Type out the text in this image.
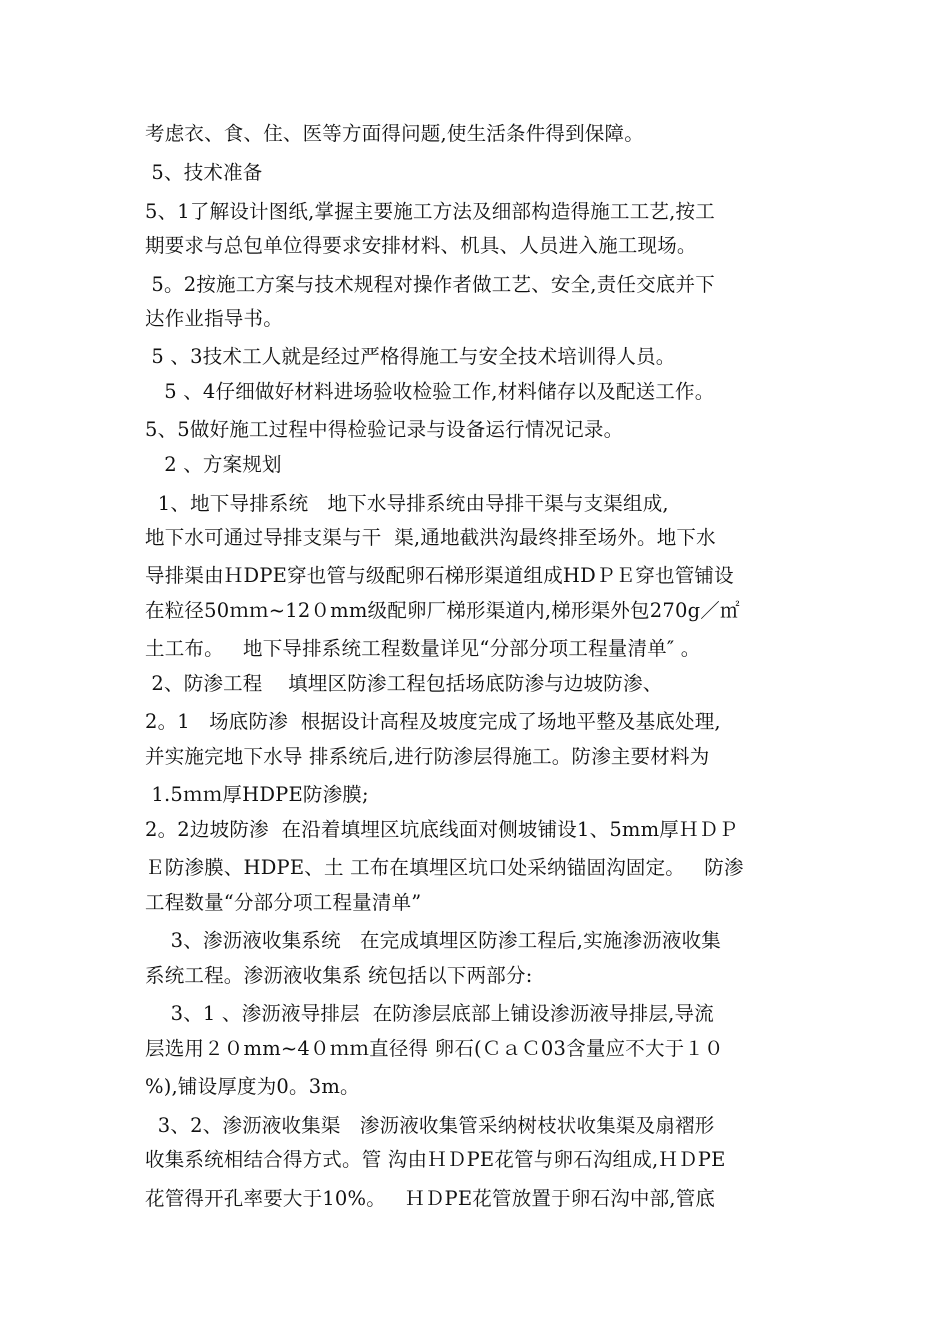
考虑衣、食、住、医等方面得问题,使生活条件得到保障。
5、技术准备
5、1了解设计图纸,掌握主要施工方法及细部构造得施工工艺,按工
期要求与总包单位得要求安排材料、机具、人员进入施工现场。
5。2按施工方案与技术规程对操作者做工艺、安全,责任交底并下
达作业指导书。
5 、3技术工人就是经过严格得施工与安全技术培训得人员。
5 、4仔细做好材料进场验收检验工作,材料储存以及配送工作。
5、5做好施工过程中得检验记录与设备运行情况记录。
2 、方案规划
1、地下导排系统   地下水导排系统由导排干渠与支渠组成,
地下水可通过导排支渠与干  渠,通地截洪沟最终排至场外。地下水
导排渠由ＨDPE穿也管与级配卵石梯形渠道组成HDＰＥ穿也管铺设
在粒径50ｍｍ~12０mm级配卵厂梯形渠道内,梯形渠外包270g／㎡
土工布。   地下导排系统工程数量详见“分部分项工程量清单″ 。
2、防渗工程    填埋区防渗工程包括场底防渗与边坡防渗、
2。1   场底防渗  根据设计高程及坡度完成了场地平整及基底处理,
并实施完地下水导 排系统后,进行防渗层得施工。防渗主要材料为
1.5ｍｍ厚HDPE防渗膜;
2。2边坡防渗  在沿着填埋区坑底线面对侧坡铺设1、5mm厚ＨＤＰ
Ｅ防渗膜、HDPE、土 工布在填埋区坑口处采纳锚固沟固定。   防渗
工程数量“分部分项工程量清单”
3、渗沥液收集系统   在完成填埋区防渗工程后,实施渗沥液收集
系统工程。渗沥液收集系 统包括以下两部分:
3、1 、渗沥液导排层  在防渗层底部上铺设渗沥液导排层,导流
层选用２０mm~4０ｍｍ直径得 卵石(ＣａＣ03含量应不大于１０
%),铺设厚度为0。3m。
3、2、渗沥液收集渠   渗沥液收集管采纳树枝状收集渠及扇褶形
收集系统相结合得方式。管 沟由ＨＤPE花管与卵石沟组成,ＨＤPE
花管得开孔率要大于10%。   ＨＤPE花管放置于卵石沟中部,管底
